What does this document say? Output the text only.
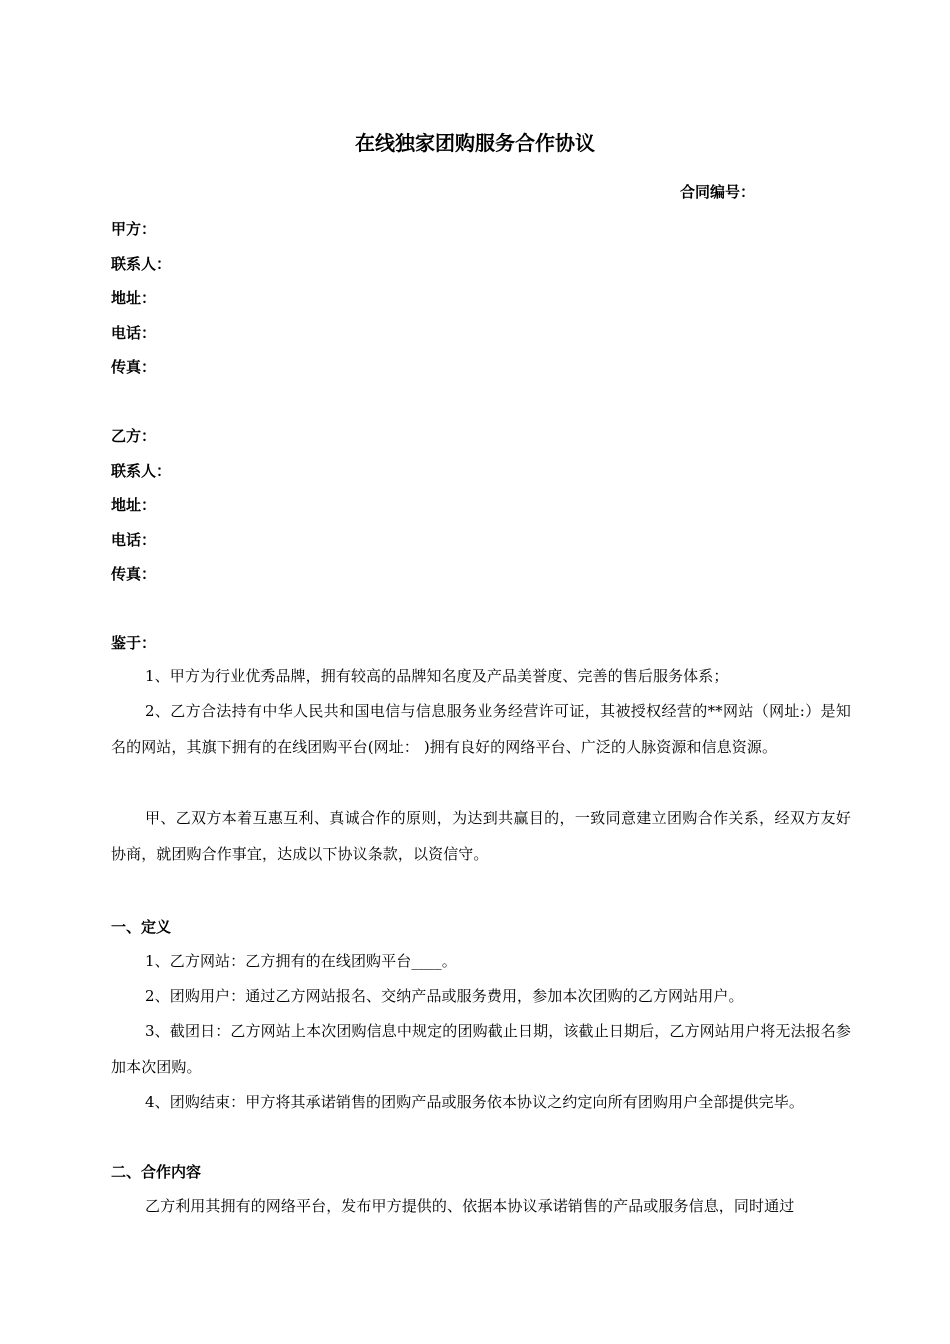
在线独家团购服务合作协议
合同编号：
甲方：
联系人：
地址：
电话：
传真：
乙方：
联系人：
地址：
电话：
传真：
鉴于：

1、甲方为行业优秀品牌，拥有较高的品牌知名度及产品美誉度、完善的售后服务体系；

2、乙方合法持有中华人民共和国电信与信息服务业务经营许可证，其被授权经营的**网站（网址:）是知名的网站，其旗下拥有的在线团购平台(网址： )拥有良好的网络平台、广泛的人脉资源和信息资源。

甲、乙双方本着互惠互利、真诚合作的原则，为达到共赢目的，一致同意建立团购合作关系，经双方友好协商，就团购合作事宜，达成以下协议条款，以资信守。

一、定义

1、乙方网站：乙方拥有的在线团购平台____。

2、团购用户：通过乙方网站报名、交纳产品或服务费用，参加本次团购的乙方网站用户。

3、截团日：乙方网站上本次团购信息中规定的团购截止日期，该截止日期后，乙方网站用户将无法报名参加本次团购。

4、团购结束：甲方将其承诺销售的团购产品或服务依本协议之约定向所有团购用户全部提供完毕。

二、合作内容

乙方利用其拥有的网络平台，发布甲方提供的、依据本协议承诺销售的产品或服务信息，同时通过
